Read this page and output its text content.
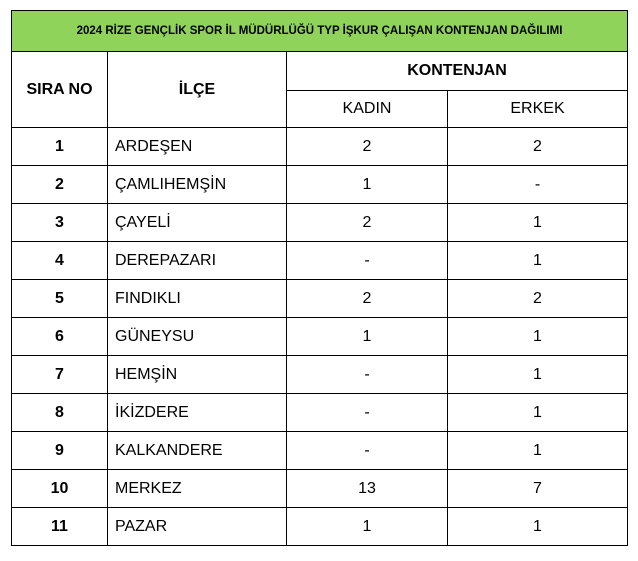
2024 RİZE GENÇLİK SPOR İL MÜDÜRLÜĞÜ TYP İŞKUR ÇALIŞAN KONTENJAN DAĞILIMI			
SIRA NO	İLÇE	KONTENJAN	
		KADIN	ERKEK
1	ARDEŞEN	2	2
2	ÇAMLIHEMŞİN	1	-
3	ÇAYELİ	2	1
4	DEREPAZARI	-	1
5	FINDIKLI	2	2
6	GÜNEYSU	1	1
7	HEMŞİN	-	1
8	İKİZDERE	-	1
9	KALKANDERE	-	1
10	MERKEZ	13	7
11	PAZAR	1	1
